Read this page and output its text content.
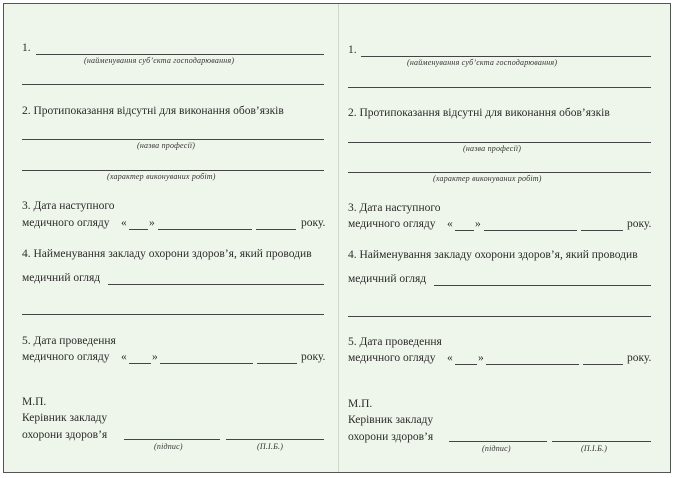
1.
(найменування суб’єкта господарювання)
2. Протипоказання відсутні для виконання обов’язків
(назва професії)
(характер виконуваних робіт)
3. Дата наступного
медичного огляду « »	року.
4. Найменування закладу охорони здоров’я, який проводив
медичний огляд
5. Дата проведення
медичного огляду « »	року.
М.П.
Керівник закладу
охорони здоров’я
(підпис)	(П.І.Б.)
1.
(найменування суб’єкта господарювання)
2. Протипоказання відсутні для виконання обов’язків
(назва професії)
(характер виконуваних робіт)
3. Дата наступного
медичного огляду « »	року.
4. Найменування закладу охорони здоров’я, який проводив
медичний огляд
5. Дата проведення
медичного огляду « »	року.
М.П.
Керівник закладу
охорони здоров’я
(підпис)	(П.І.Б.)
